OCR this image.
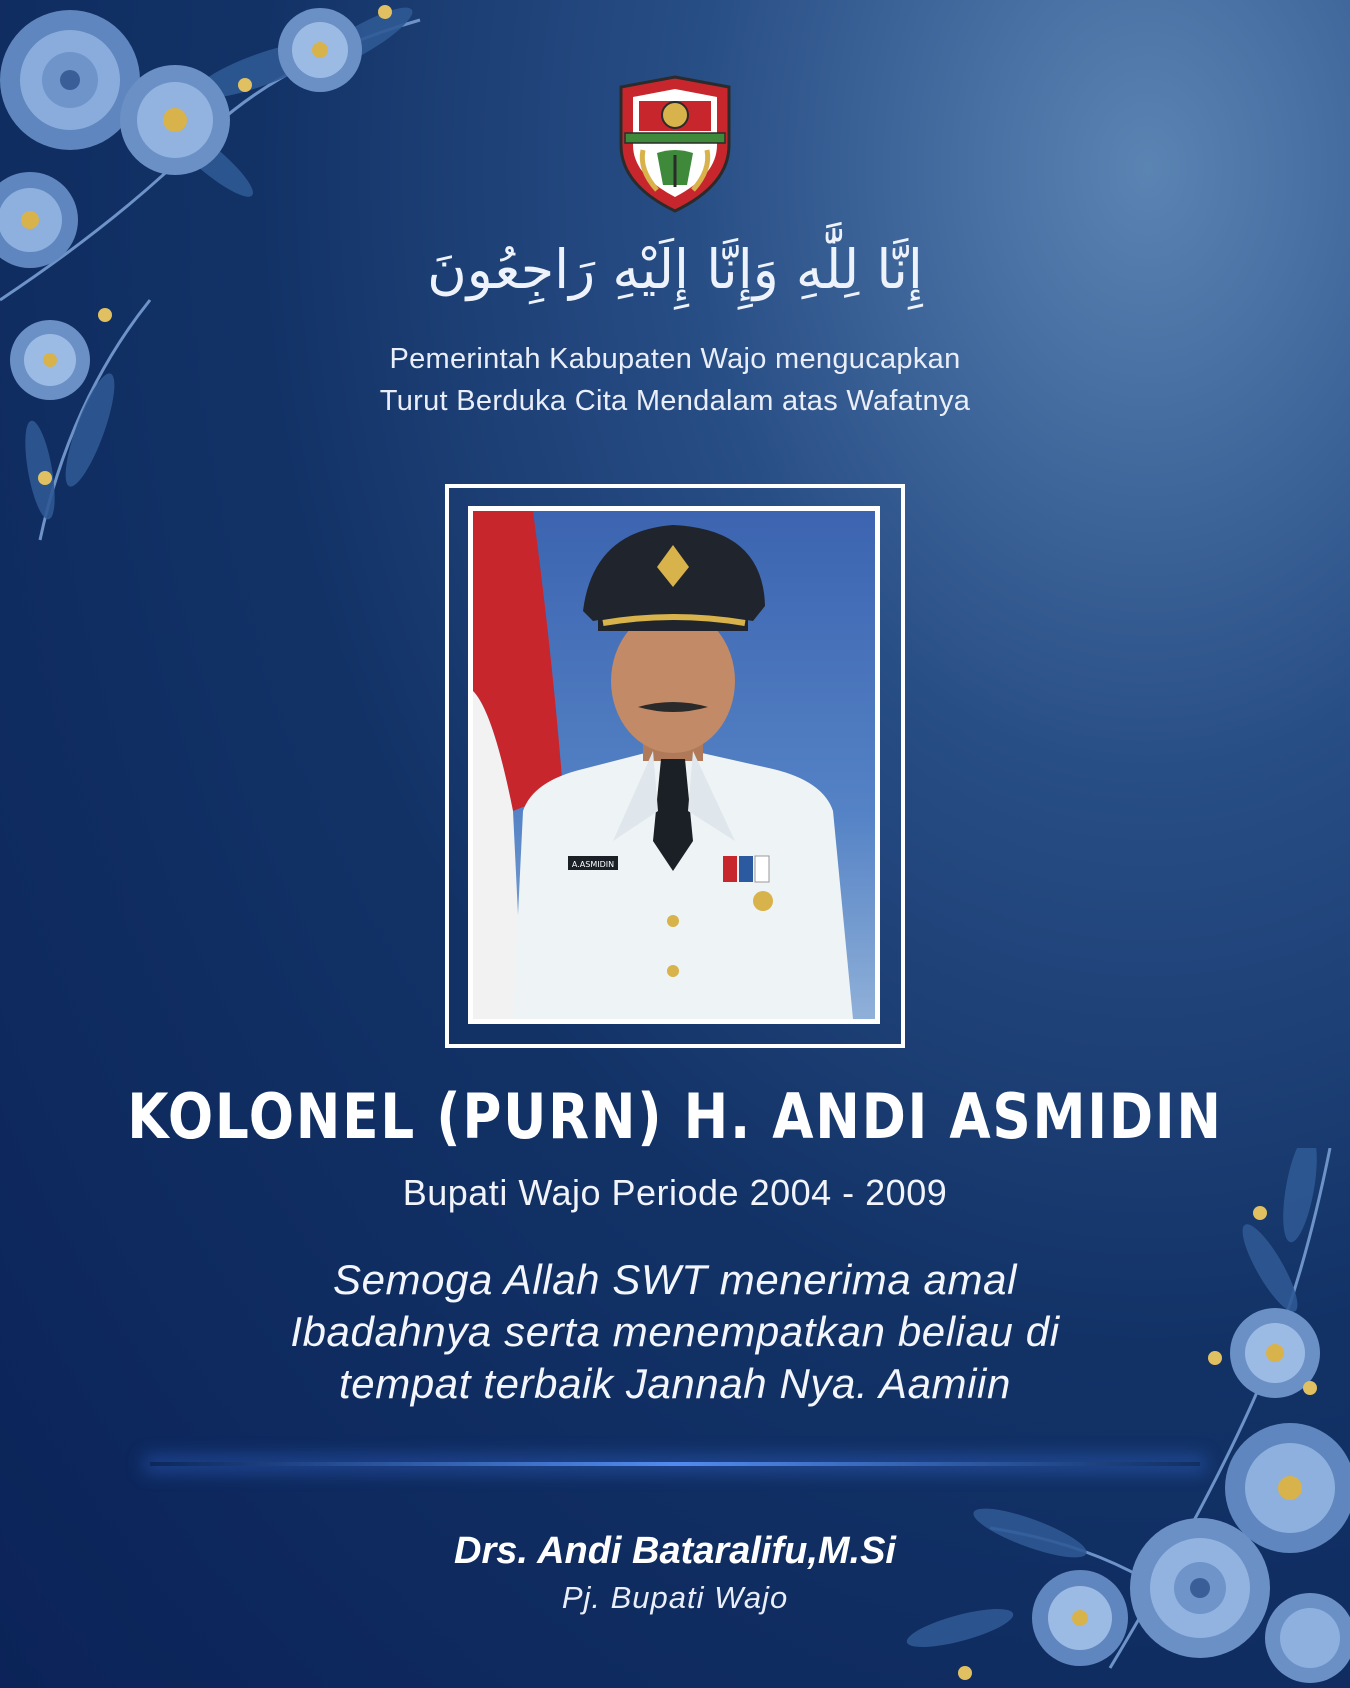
إِنَّا لِلَّٰهِ وَإِنَّا إِلَيْهِ رَاجِعُونَ
Pemerintah Kabupaten Wajo mengucapkan
Turut Berduka Cita Mendalam atas Wafatnya
A.ASMIDIN
KOLONEL (PURN) H. ANDI ASMIDIN
Bupati Wajo Periode 2004 - 2009
Semoga Allah SWT menerima amal
Ibadahnya serta menempatkan beliau di
tempat terbaik Jannah Nya. Aamiin
Drs. Andi Bataralifu,M.Si
Pj. Bupati Wajo
